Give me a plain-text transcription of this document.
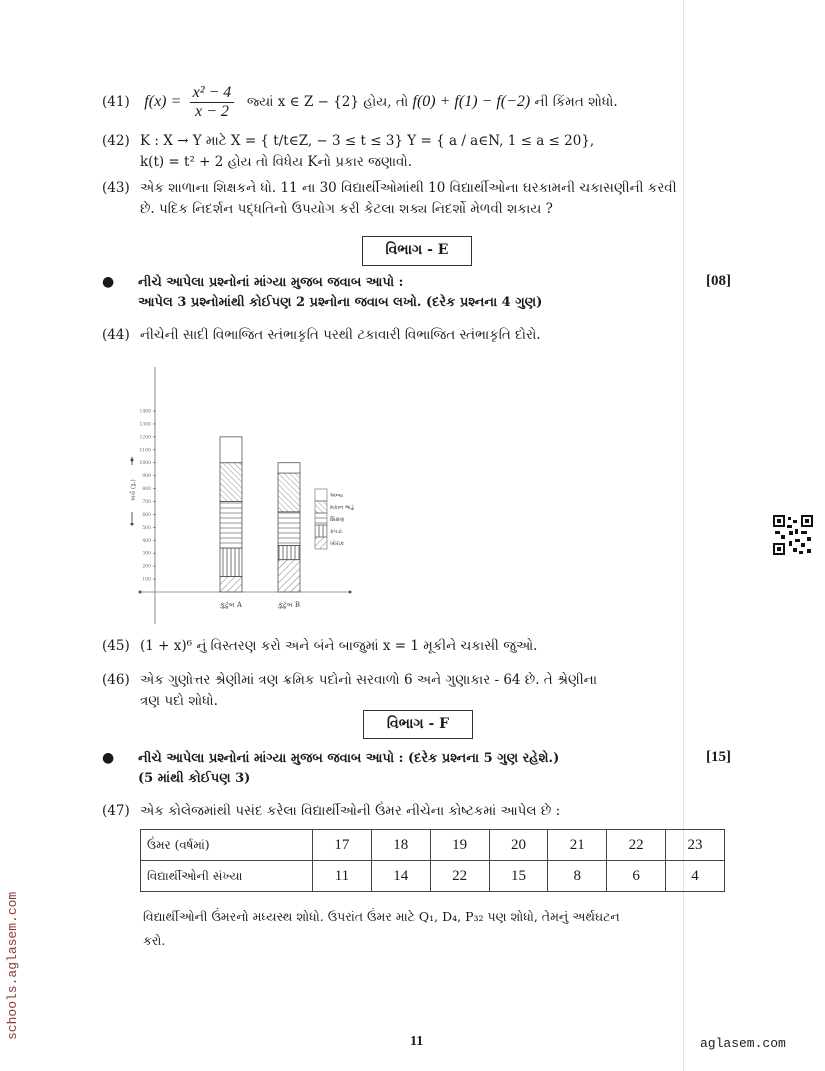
(41) $f(x) = \frac{\text{x² − 4}}{x - 2}$ જ્યાં x ∈ Z − {2} હોય, તો f(0) + f(1) − f(−2) ની કિંમત શોધો.
(42) K : X → Y માટે X = { t/t∈Z, − 3 ≤ t ≤ 3} Y = { a / a∈N, 1 ≤ a ≤ 20},
k(t) = t² + 2 હોય તો વિધેય Kનો પ્રકાર જણાવો.
(43) એક શાળાના શિક્ષકને ધો. 11 ના 30 વિદ્યાર્થીઓમાંથી 10 વિદ્યાર્થીઓના ઘરકામની ચકાસણીની કરવી
છે. પદિક નિદર્શન પદ્ધતિનો ઉપયોગ કરી કેટલા શક્ય નિદર્શો મેળવી શકાય ?
વિભાગ - E
● નીચે આપેલા પ્રશ્નોનાં માંગ્યા મુજબ જવાબ આપો :
આપેલ 3 પ્રશ્નોમાંથી કોઈપણ 2 પ્રશ્નોના જવાબ લખો. (દરેક પ્રશ્નના 4 ગુણ)
[08]
(44) નીચેની સાદી વિભાજિત સ્તંભાકૃતિ પરથી ટકાવારી વિભાજિત સ્તંભાકૃતિ દોરો.
100
200
300
400
500
600
700
800
900
1000
1100
1200
1300
1400
ખર્ચ (રૂ.)
કુટુંબ A	કુટુંબ B
અન્ય
મકાન ભાડું
શિક્ષણ
કપડાં
ખોરાક
(45) (1 + x)⁶ નું વિસ્તરણ કરો અને બંને બાજુમાં x = 1 મૂકીને ચકાસી જુઓ.
(46) એક ગુણોત્તર શ્રેણીમાં ત્રણ ક્રમિક પદોનો સરવાળો 6 અને ગુણાકાર - 64 છે. તે શ્રેણીના
ત્રણ પદો શોધો.
વિભાગ - F
● નીચે આપેલા પ્રશ્નોનાં માંગ્યા મુજબ જવાબ આપો : (દરેક પ્રશ્નના 5 ગુણ રહેશે.)
(5 માંથી કોઈપણ 3)
[15]
(47) એક કોલેજમાંથી પસંદ કરેલા વિદ્યાર્થીઓની ઉંમર નીચેના કોષ્ટકમાં આપેલ છે :
ઉંમર (વર્ષમાં)	17	18	19	20	21	22	23
વિદ્યાર્થીઓની સંખ્યા	11	14	22	15	8	6	4
વિદ્યાર્થીઓની ઉંમરનો મધ્યસ્થ શોધો. ઉપરાંત ઉંમર માટે Q₁, D₄, P₃₂ પણ શોધો, તેમનું અર્થઘટન
કરો.
11	aglasem.com
schools.aglasem.com
